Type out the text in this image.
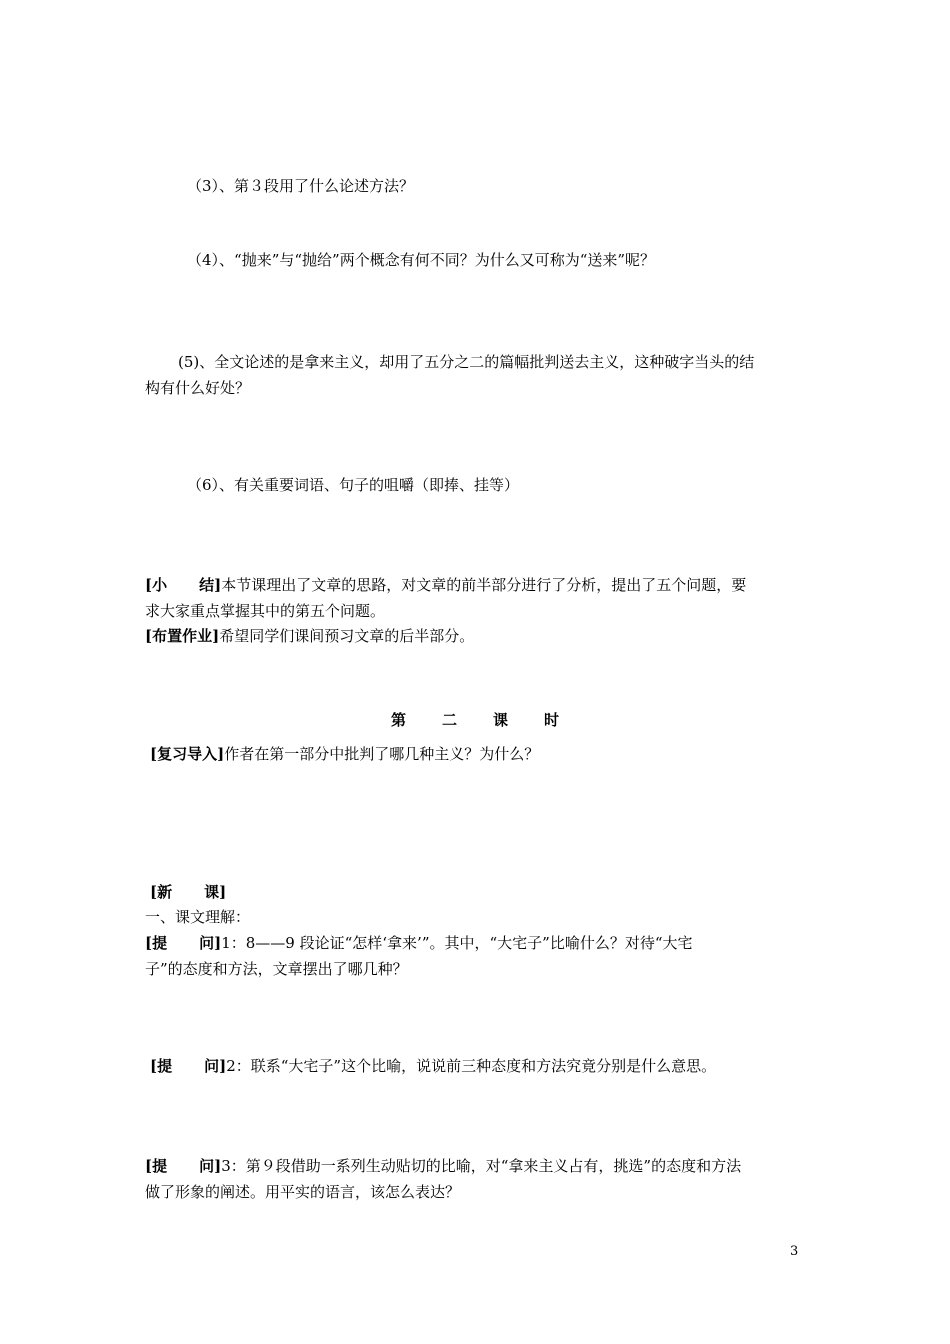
（3）、第３段用了什么论述方法？
（4）、“抛来”与“抛给”两个概念有何不同？为什么又可称为“送来”呢？
(5)、全文论述的是拿来主义，却用了五分之二的篇幅批判送去主义，这种破字当头的结
构有什么好处？
（6）、有关重要词语、句子的咀嚼（即捧、挂等）
[小 结]本节课理出了文章的思路，对文章的前半部分进行了分析，提出了五个问题，要
求大家重点掌握其中的第五个问题。
[布置作业]希望同学们课间预习文章的后半部分。
第 二 课 时
[复习导入]作者在第一部分中批判了哪几种主义？为什么？
[新 课]
一、课文理解：
[提 问]1：8——9 段论证“怎样‘拿来’”。其中，“大宅子”比喻什么？对待“大宅
子”的态度和方法，文章摆出了哪几种？
[提 问]2：联系“大宅子”这个比喻，说说前三种态度和方法究竟分别是什么意思。
[提 问]3：第９段借助一系列生动贴切的比喻，对“拿来主义占有，挑选”的态度和方法
做了形象的阐述。用平实的语言，该怎么表达？
3
